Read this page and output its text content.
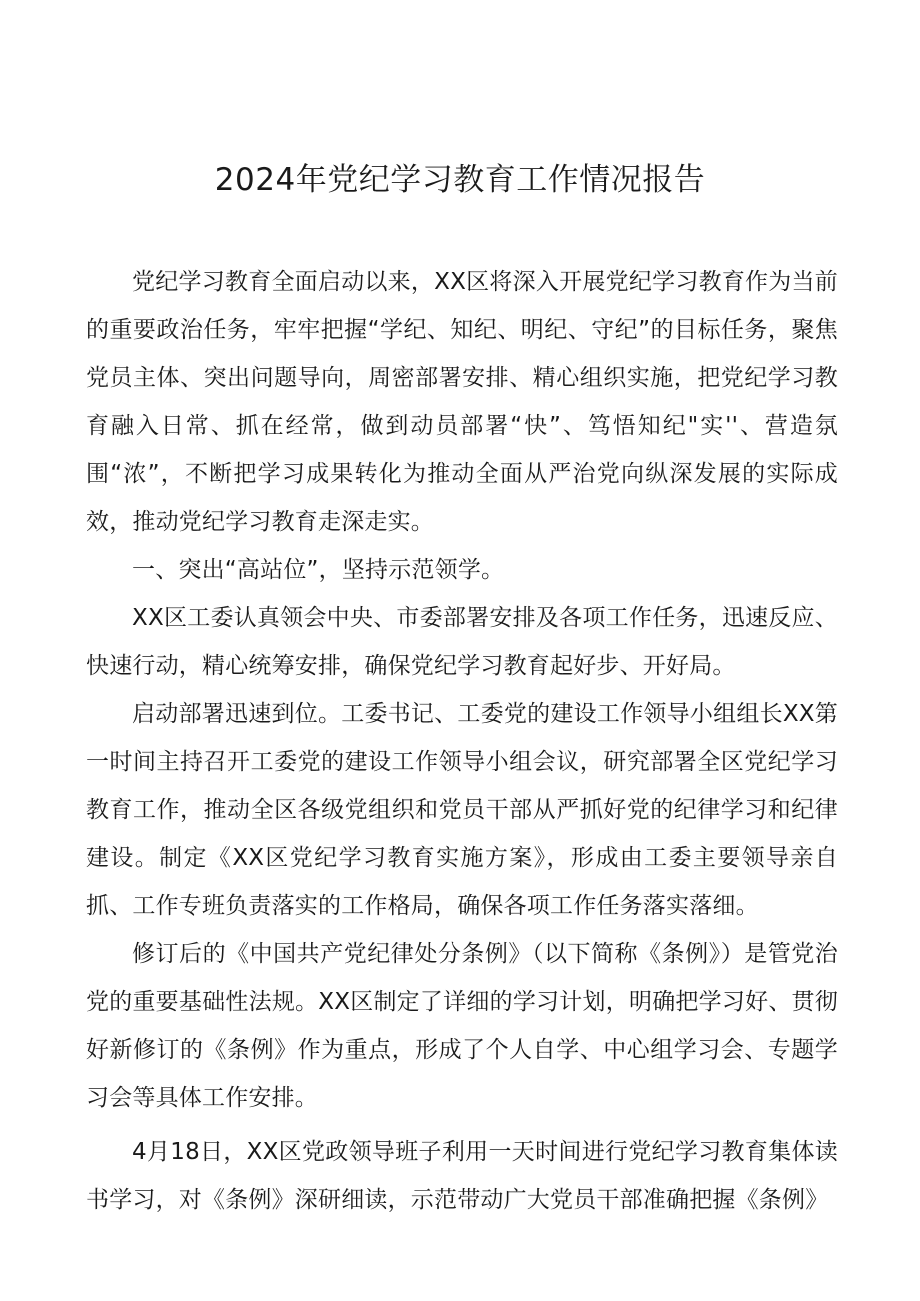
2024年党纪学习教育工作情况报告

党纪学习教育全面启动以来，XX区将深入开展党纪学习教育作为当前的重要政治任务，牢牢把握“学纪、知纪、明纪、守纪”的目标任务，聚焦党员主体、突出问题导向，周密部署安排、精心组织实施，把党纪学习教育融入日常、抓在经常，做到动员部署“快”、笃悟知纪"实''、营造氛围“浓”，不断把学习成果转化为推动全面从严治党向纵深发展的实际成效，推动党纪学习教育走深走实。

一、突出“高站位”，坚持示范领学。

XX区工委认真领会中央、市委部署安排及各项工作任务，迅速反应、快速行动，精心统筹安排，确保党纪学习教育起好步、开好局。

启动部署迅速到位。工委书记、工委党的建设工作领导小组组长XX第一时间主持召开工委党的建设工作领导小组会议，研究部署全区党纪学习教育工作，推动全区各级党组织和党员干部从严抓好党的纪律学习和纪律建设。制定《XX区党纪学习教育实施方案》，形成由工委主要领导亲自抓、工作专班负责落实的工作格局，确保各项工作任务落实落细。

修订后的《中国共产党纪律处分条例》（以下简称《条例》）是管党治党的重要基础性法规。XX区制定了详细的学习计划，明确把学习好、贯彻好新修订的《条例》作为重点，形成了个人自学、中心组学习会、专题学习会等具体工作安排。

4月18日，XX区党政领导班子利用一天时间进行党纪学习教育集体读书学习，对《条例》深研细读，示范带动广大党员干部准确把握《条例》
